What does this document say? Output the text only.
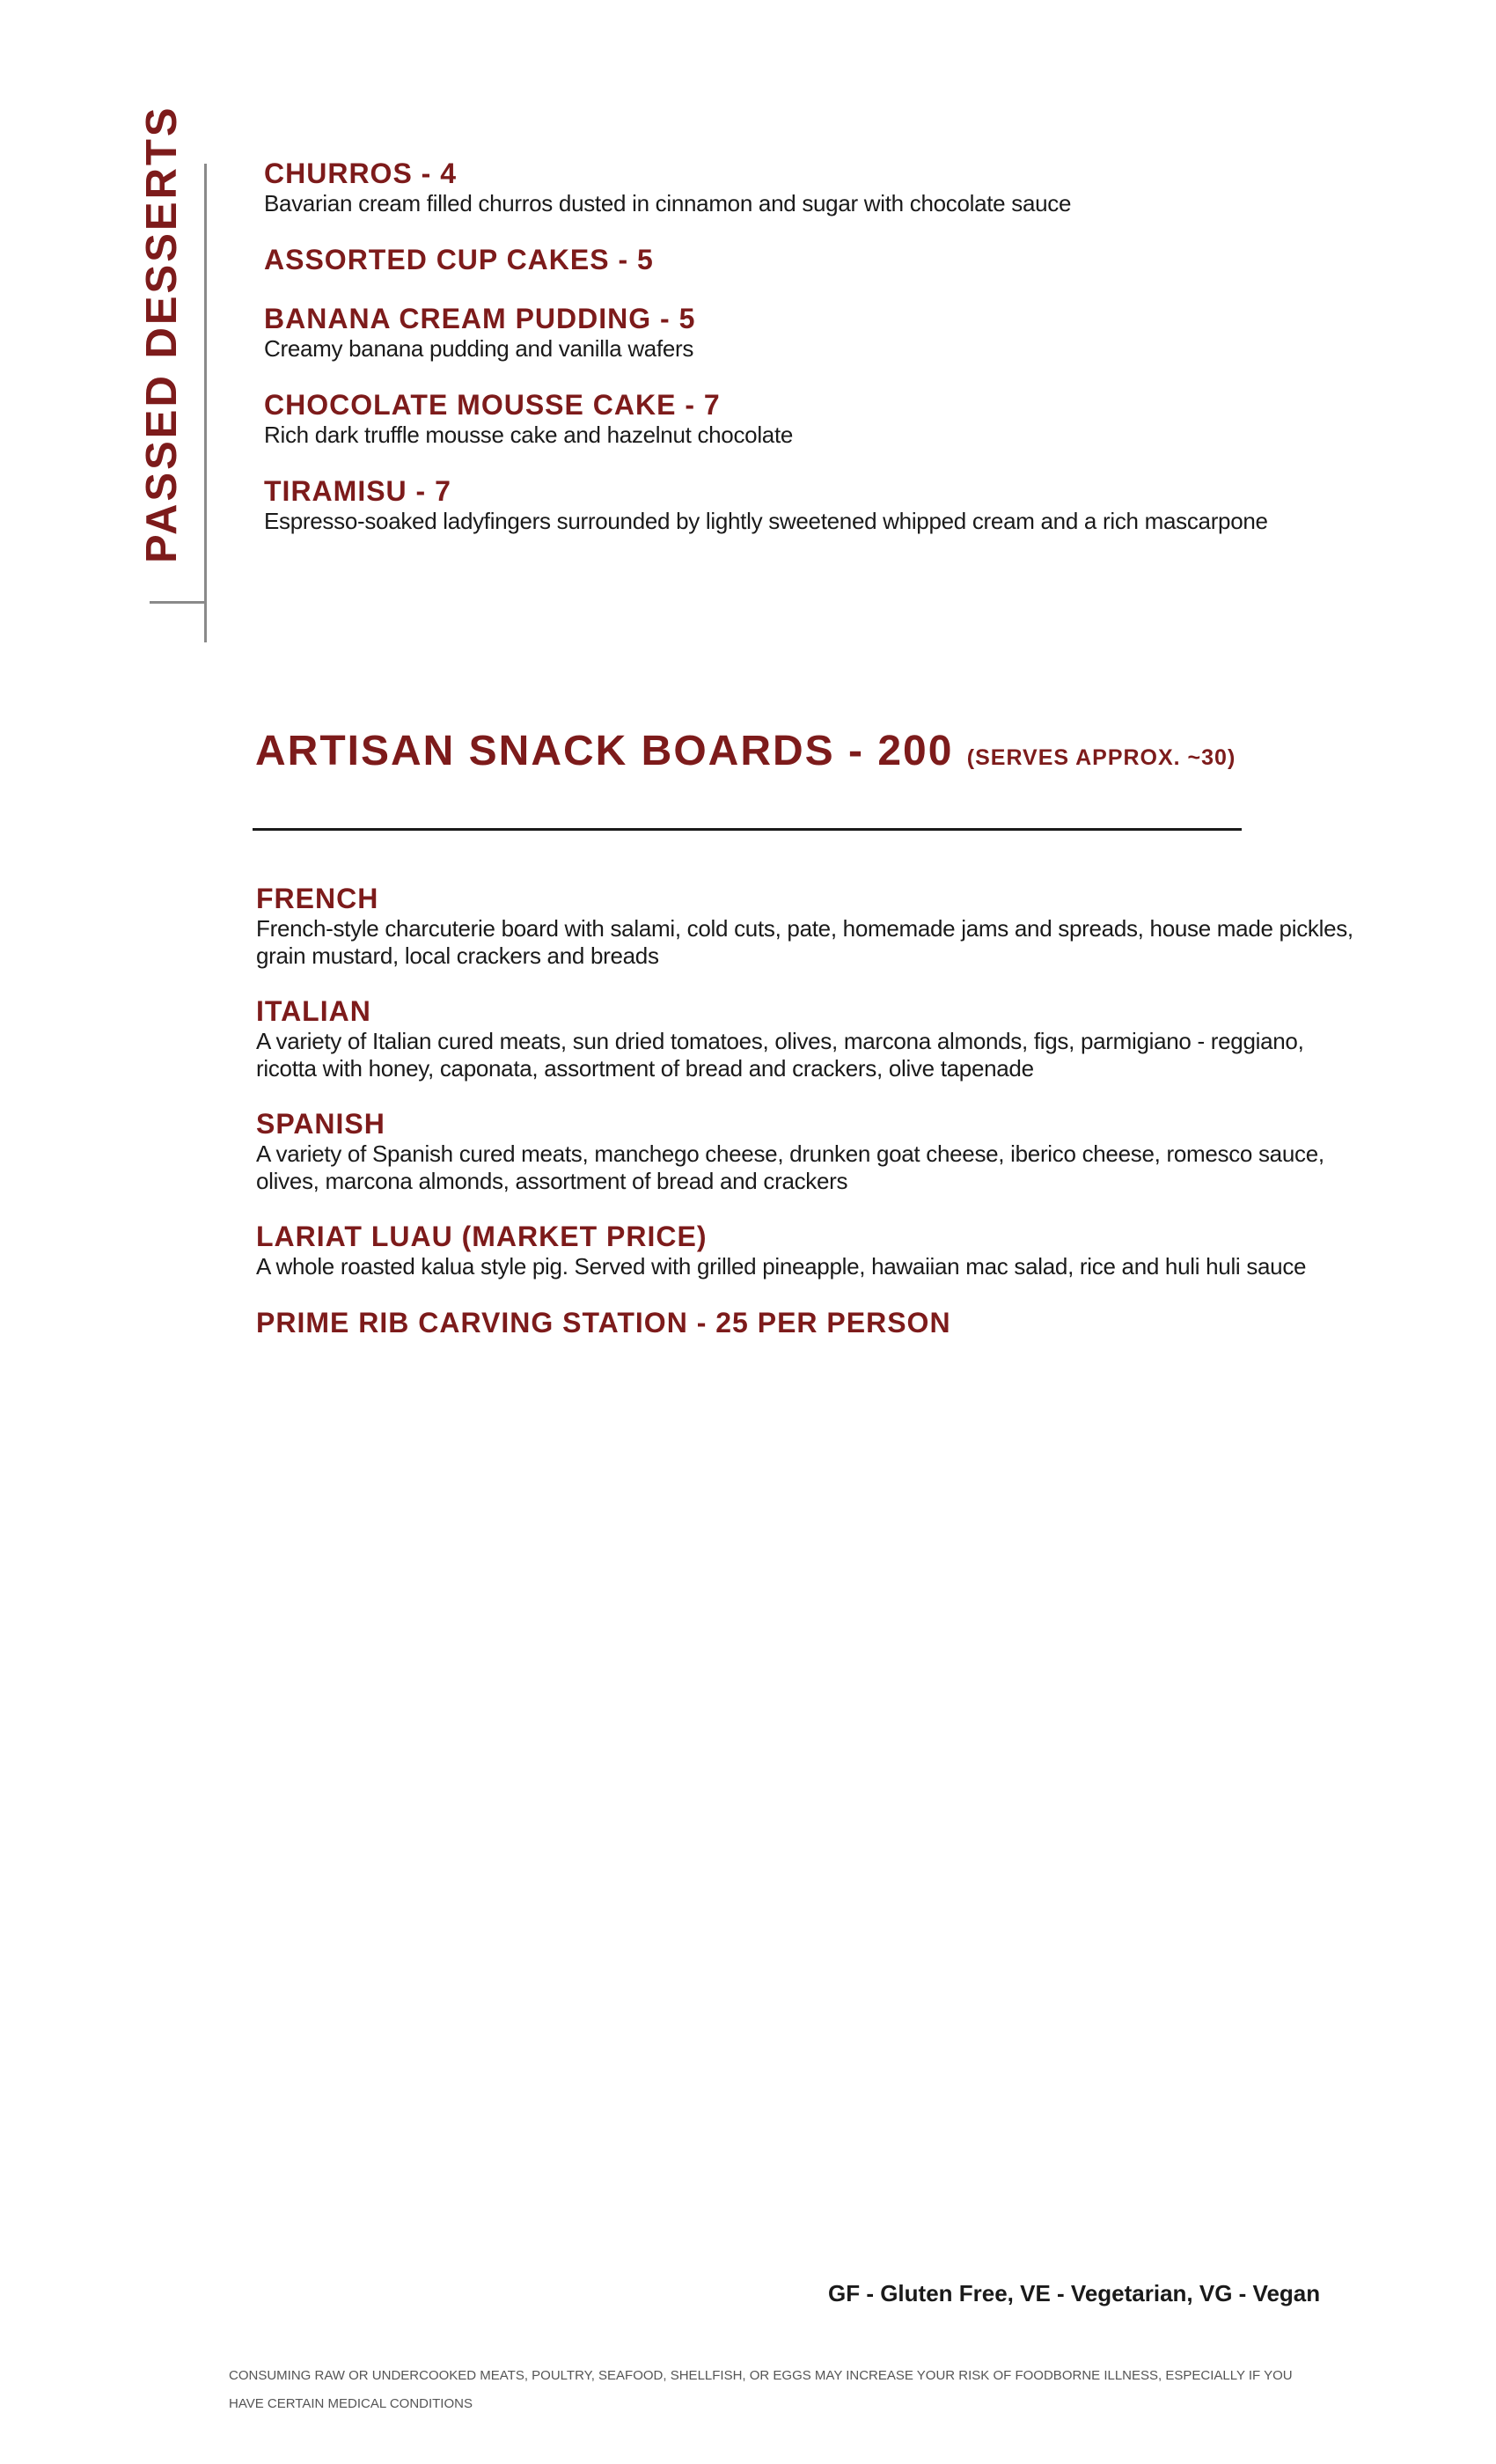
PASSED DESSERTS	CHURROS - 4
Bavarian cream filled churros dusted in cinnamon and sugar with chocolate sauce
ASSORTED CUP CAKES - 5
BANANA CREAM PUDDING - 5
Creamy banana pudding and vanilla wafers
CHOCOLATE MOUSSE CAKE - 7
Rich dark truffle mousse cake and hazelnut chocolate
TIRAMISU - 7
Espresso-soaked ladyfingers surrounded by lightly sweetened whipped cream and a rich mascarpone
ARTISAN SNACK BOARDS - 200 (SERVES APPROX. ~30)
FRENCH
French-style charcuterie board with salami, cold cuts, pate, homemade jams and spreads, house made pickles, grain mustard, local crackers and breads
ITALIAN
A variety of Italian cured meats, sun dried tomatoes, olives, marcona almonds, figs, parmigiano - reggiano, ricotta with honey, caponata, assortment of bread and crackers, olive tapenade
SPANISH
A variety of Spanish cured meats, manchego cheese, drunken goat cheese, iberico cheese, romesco sauce, olives, marcona almonds, assortment of bread and crackers
LARIAT LUAU (MARKET PRICE)
A whole roasted kalua style pig. Served with grilled pineapple, hawaiian mac salad, rice and huli huli sauce
PRIME RIB CARVING STATION - 25 PER PERSON
GF - Gluten Free, VE - Vegetarian, VG - Vegan
CONSUMING RAW OR UNDERCOOKED MEATS, POULTRY, SEAFOOD, SHELLFISH, OR EGGS MAY INCREASE YOUR RISK OF FOODBORNE ILLNESS, ESPECIALLY IF YOU HAVE CERTAIN MEDICAL CONDITIONS
